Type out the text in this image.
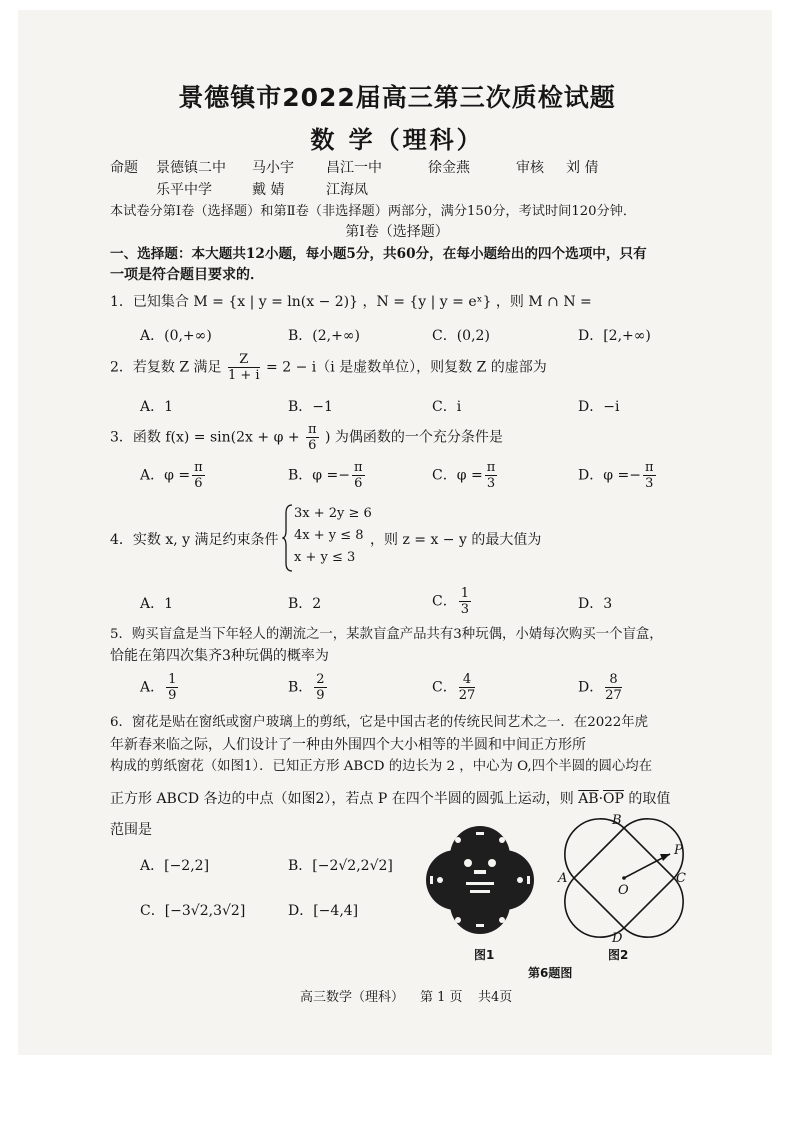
景德镇市2022届高三第三次质检试题
数 学（理科）
命题 景德镇二中 马小宇 昌江一中	徐金燕	审核 刘 倩
乐平中学	戴 婧	江海凤
本试卷分第Ⅰ卷（选择题）和第Ⅱ卷（非选择题）两部分，满分150分，考试时间120分钟．
第Ⅰ卷（选择题）
一、选择题：本大题共12小题，每小题5分，共60分，在每小题给出的四个选项中，只有
一项是符合题目要求的．
1．已知集合 M = {x | y = ln(x − 2)} ，N = {y | y = eˣ} ，则 M ∩ N =
A．(0,+∞)	B．(2,+∞)	C．(0,2)	D．[2,+∞)
2．若复数 Z 满足 $\frac{Z}{1 + i} = 2 - i(i$ 是虚数单位），则复数 Z 的虚部为
A．1	B．−1	C．i	D．−i
3．函数 $f(x) = \sin(2x + \varphi + \frac{\pi}{6}$ ) 为偶函数的一个充分条件是
A．$\varphi = \frac{\pi}{6}$	B．$\varphi =- \frac{\pi}{6}$	C．$\varphi = \frac{\pi}{3}$	D．$\varphi =- \frac{\pi}{3}$
4．实数 x, y 满足约束条件
3x + 2y ≥ 6
4x + y ≤ 8
x + y ≤ 3
，则 z = x − y 的最大值为
A．1	B．2	C． $\frac{1}{3}$	D．3
5．购买盲盒是当下年轻人的潮流之一，某款盲盒产品共有3种玩偶，小婧每次购买一个盲盒，
恰能在第四次集齐3种玩偶的概率为
A． $\frac{1}{9}$	B． $\frac{2}{9}$	C． $\frac{4}{27}$	D． $\frac{8}{27}$
6．窗花是贴在窗纸或窗户玻璃上的剪纸，它是中国古老的传统民间艺术之一．在2022年虎
年新春来临之际，人们设计了一种由外围四个大小相等的半圆和中间正方形所
构成的剪纸窗花（如图1）．已知正方形 ABCD 的边长为 2 ，中心为 O,四个半圆的圆心均在
正方形 ABCD 各边的中点（如图2），若点 P 在四个半圆的圆弧上运动，则 $\overline{AB}\cdot\overline{OP}$ 的取值
范围是
A．[−2,2]	B．[−2√2,2√2]
C．[−3√2,3√2]	D．[−4,4]
图1
A
B
C
D
O
P
图2
第6题图
高三数学（理科） 第 1 页 共4页
